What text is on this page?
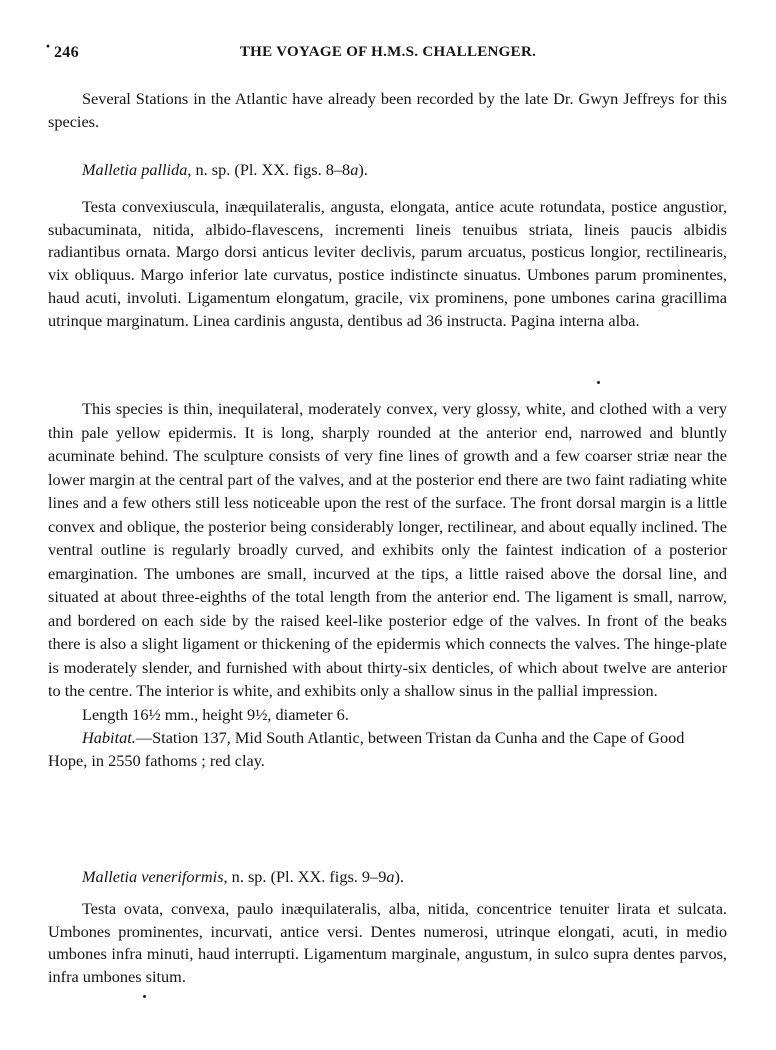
· 246	THE VOYAGE OF H.M.S. CHALLENGER.

Several Stations in the Atlantic have already been recorded by the late Dr. Gwyn Jeffreys for this species.

Malletia pallida, n. sp. (Pl. XX. figs. 8–8a).

Testa convexiuscula, inæquilateralis, angusta, elongata, antice acute rotundata, postice angustior, subacuminata, nitida, albido-flavescens, incrementi lineis tenuibus striata, lineis paucis albidis radiantibus ornata. Margo dorsi anticus leviter declivis, parum arcuatus, posticus longior, rectilinearis, vix obliquus. Margo inferior late curvatus, postice indistincte sinuatus. Umbones parum prominentes, haud acuti, involuti. Ligamentum elongatum, gracile, vix prominens, pone umbones carina gracillima utrinque marginatum. Linea cardinis angusta, dentibus ad 36 instructa. Pagina interna alba.

This species is thin, inequilateral, moderately convex, very glossy, white, and clothed with a very thin pale yellow epidermis. It is long, sharply rounded at the anterior end, narrowed and bluntly acuminate behind. The sculpture consists of very fine lines of growth and a few coarser striæ near the lower margin at the central part of the valves, and at the posterior end there are two faint radiating white lines and a few others still less noticeable upon the rest of the surface. The front dorsal margin is a little convex and oblique, the posterior being considerably longer, rectilinear, and about equally inclined. The ventral outline is regularly broadly curved, and exhibits only the faintest indication of a posterior emargination. The umbones are small, incurved at the tips, a little raised above the dorsal line, and situated at about three-eighths of the total length from the anterior end. The ligament is small, narrow, and bordered on each side by the raised keel-like posterior edge of the valves. In front of the beaks there is also a slight ligament or thickening of the epidermis which connects the valves. The hinge-plate is moderately slender, and furnished with about thirty-six denticles, of which about twelve are anterior to the centre. The interior is white, and exhibits only a shallow sinus in the pallial impression.

Length 16½ mm., height 9½, diameter 6.

Habitat.—Station 137, Mid South Atlantic, between Tristan da Cunha and the Cape of Good Hope, in 2550 fathoms ; red clay.

Malletia veneriformis, n. sp. (Pl. XX. figs. 9–9a).

Testa ovata, convexa, paulo inæquilateralis, alba, nitida, concentrice tenuiter lirata et sulcata. Umbones prominentes, incurvati, antice versi. Dentes numerosi, utrinque elongati, acuti, in medio umbones infra minuti, haud interrupti. Ligamentum marginale, angustum, in sulco supra dentes parvos, infra umbones situm.
